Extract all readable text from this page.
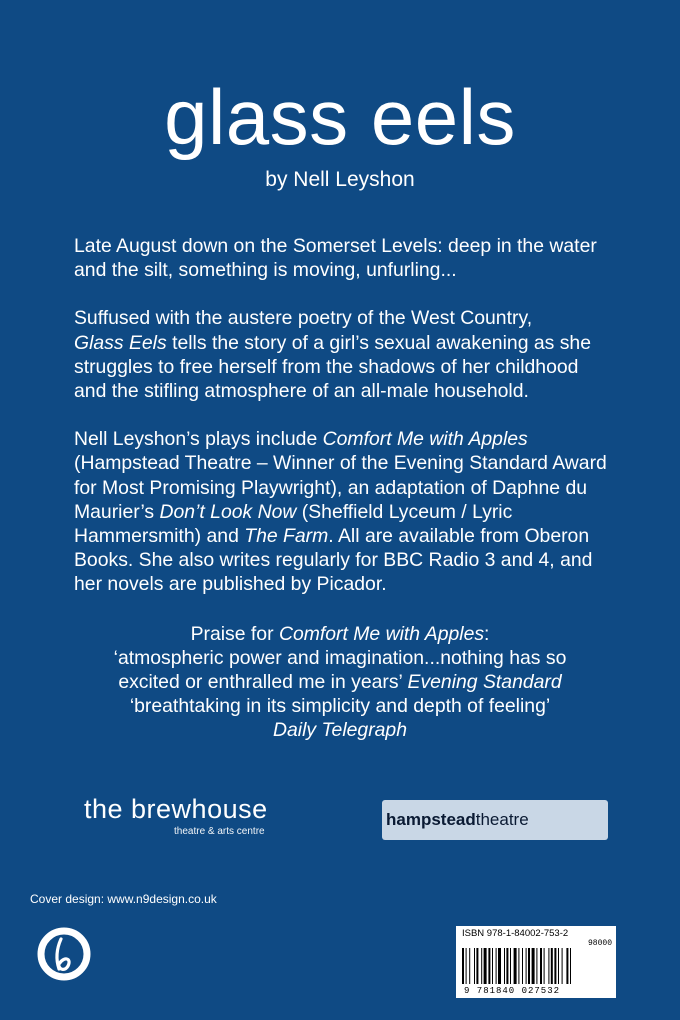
glass eels
by Nell Leyshon

Late August down on the Somerset Levels: deep in the water and the silt, something is moving, unfurling...

Suffused with the austere poetry of the West Country,
Glass Eels tells the story of a girl’s sexual awakening as she struggles to free herself from the shadows of her childhood and the stifling atmosphere of an all-male household.

Nell Leyshon’s plays include Comfort Me with Apples (Hampstead Theatre – Winner of the Evening Standard Award for Most Promising Playwright), an adaptation of Daphne du Maurier’s Don’t Look Now (Sheffield Lyceum / Lyric Hammersmith) and The Farm. All are available from Oberon Books. She also writes regularly for BBC Radio 3 and 4, and her novels are published by Picador.

Praise for Comfort Me with Apples:
‘atmospheric power and imagination...nothing has so
excited or enthralled me in years’ Evening Standard
‘breathtaking in its simplicity and depth of feeling’
Daily Telegraph
the brewhouse
theatre & arts centre
hampsteadtheatre
Cover design: www.n9design.co.uk
ISBN 978-1-84002-753-2
98000
9 781840 027532
